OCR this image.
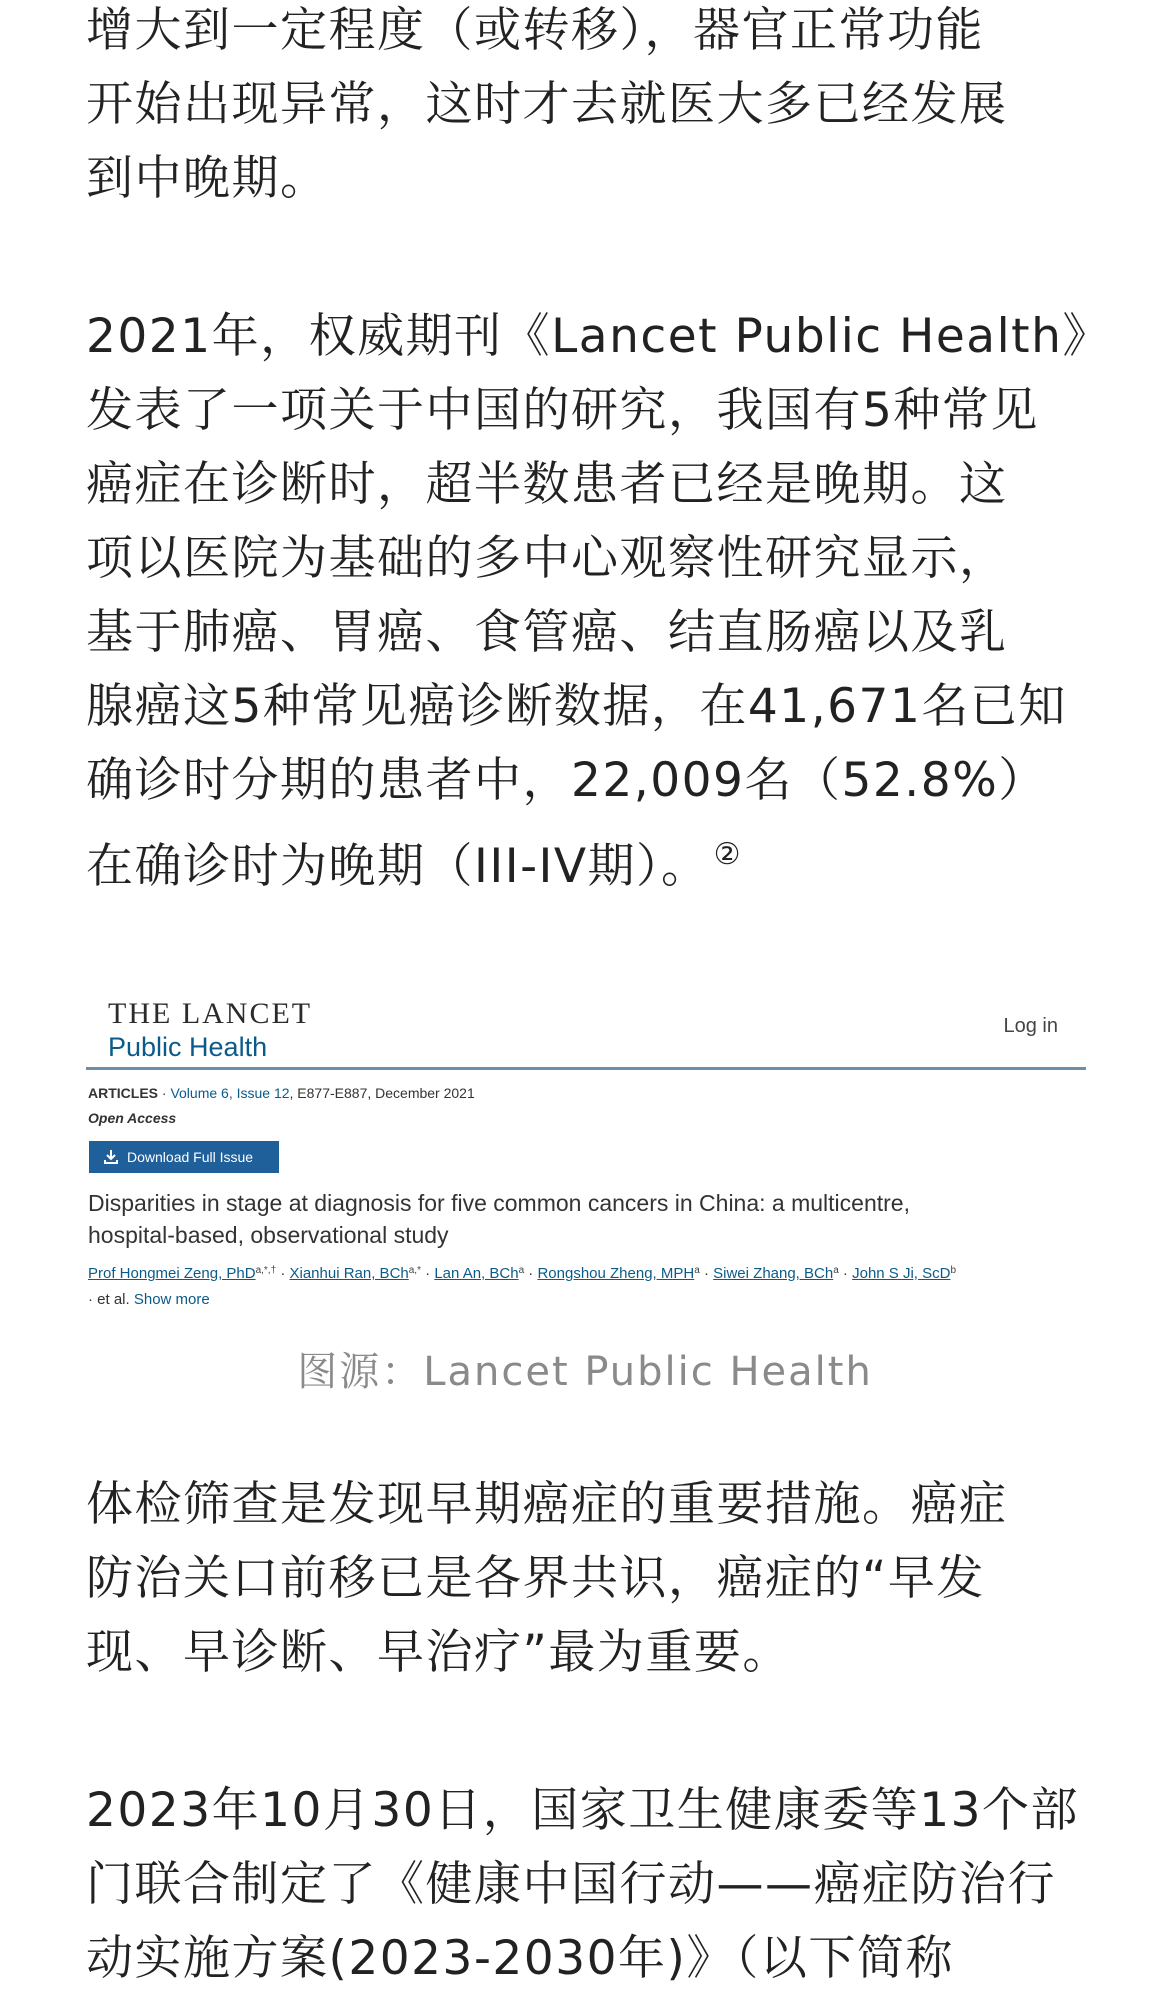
增大到一定程度（或转移），器官正常功能
开始出现异常，这时才去就医大多已经发展
到中晚期。

2021年，权威期刊《Lancet Public Health》
发表了一项关于中国的研究，我国有5种常见
癌症在诊断时，超半数患者已经是晚期。这
项以医院为基础的多中心观察性研究显示，
基于肺癌、胃癌、食管癌、结直肠癌以及乳
腺癌这5种常见癌诊断数据，在41,671名已知
确诊时分期的患者中，22,009名（52.8%）
在确诊时为晚期（III-IV期）。 ②

THE LANCET
Public Health
Log in
ARTICLES · Volume 6, Issue 12, E877-E887, December 2021
Open Access
Download Full Issue
Disparities in stage at diagnosis for five common cancers in China: a multicentre,
hospital-based, observational study
Prof Hongmei Zeng, PhD$^{a,*,\dagger}$ · Xianhui Ran, BCh$^{a,*}$ · Lan An, BCh$^a$ · Rongshou Zheng, MPH$^a$ · Siwei Zhang, BCh$^a$ · John S Ji, ScD$^b$
· et al. Show more
图源：Lancet Public Health

体检筛查是发现早期癌症的重要措施。癌症
防治关口前移已是各界共识，癌症的“早发
现、早诊断、早治疗”最为重要。

2023年10月30日，国家卫生健康委等13个部
门联合制定了《健康中国行动——癌症防治行
动实施方案(2023-2030年)》（以下简称
